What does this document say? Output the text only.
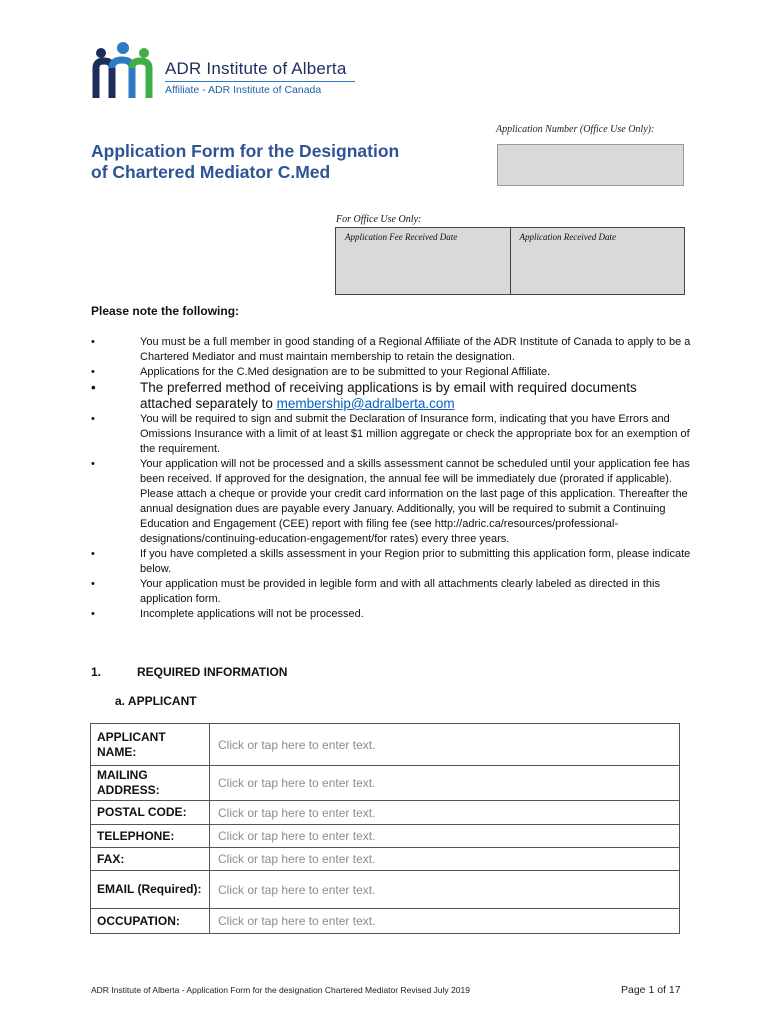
ADR Institute of Alberta
Affiliate - ADR Institute of Canada
Application Number (Office Use Only):
Application Form for the Designation
of Chartered Mediator C.Med
For Office Use Only:
Application Fee Received Date	Application Received Date
Please note the following:
•	You must be a full member in good standing of a Regional Affiliate of the ADR Institute of Canada to apply to be a Chartered Mediator and must maintain membership to retain the designation.
•	Applications for the C.Med designation are to be submitted to your Regional Affiliate.
•	The preferred method of receiving applications is by email with required documents attached separately to membership@adralberta.com
•	You will be required to sign and submit the Declaration of Insurance form, indicating that you have Errors and Omissions Insurance with a limit of at least $1 million aggregate or check the appropriate box for an exemption of the requirement.
•	Your application will not be processed and a skills assessment cannot be scheduled until your application fee has been received. If approved for the designation, the annual fee will be immediately due (prorated if applicable). Please attach a cheque or provide your credit card information on the last page of this application. Thereafter the annual designation dues are payable every January. Additionally, you will be required to submit a Continuing Education and Engagement (CEE) report with filing fee (see http://adric.ca/resources/professional-designations/continuing-education-engagement/for rates) every three years.
•	If you have completed a skills assessment in your Region prior to submitting this application form, please indicate below.
•	Your application must be provided in legible form and with all attachments clearly labeled as directed in this application form.
•	Incomplete applications will not be processed.
1.	REQUIRED INFORMATION
a. APPLICANT
APPLICANT NAME:	Click or tap here to enter text.
MAILING ADDRESS:	Click or tap here to enter text.
POSTAL CODE:	Click or tap here to enter text.
TELEPHONE:	Click or tap here to enter text.
FAX:	Click or tap here to enter text.
EMAIL (Required):	Click or tap here to enter text.
OCCUPATION:	Click or tap here to enter text.
ADR Institute of Alberta - Application Form for the designation Chartered Mediator Revised July 2019	Page 1 of 17
